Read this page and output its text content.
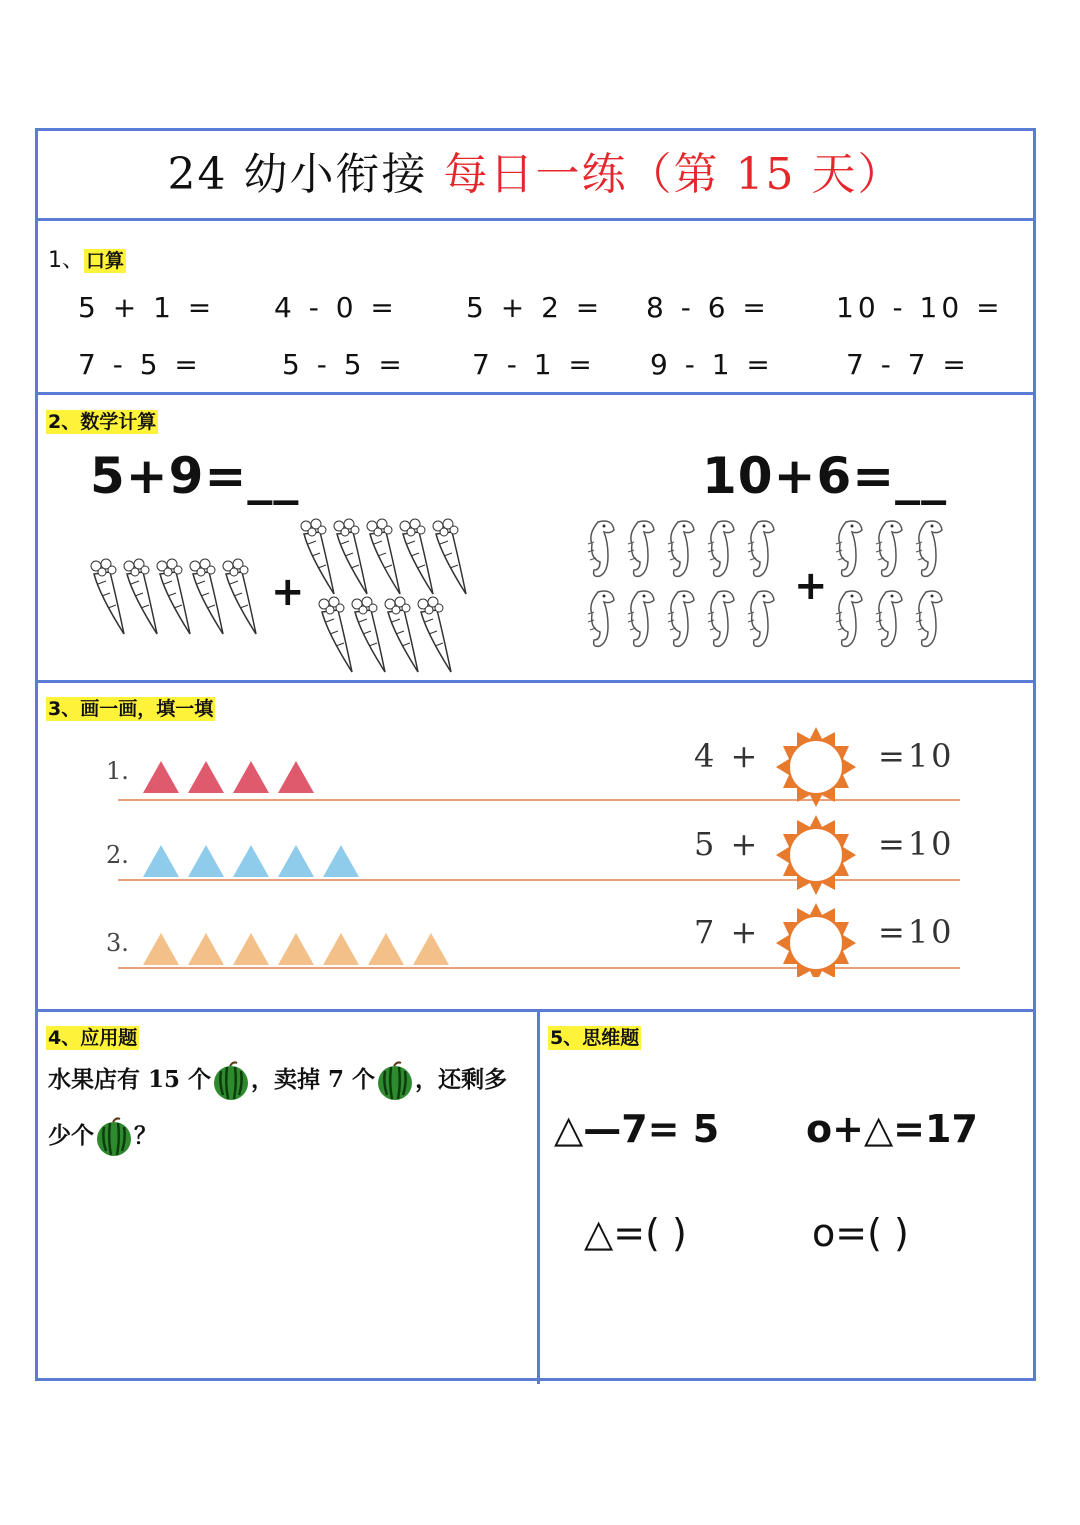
24 幼小衔接 每日一练（第 15 天）
1、 口算
5 + 1 = 4 - 0 = 5 + 2 = 8 - 6 = 10 - 10 =
7 - 5 =	5 - 5 = 7 - 1 = 9 - 1 =	7 - 7 =
2、数学计算
5+9=__	10+6=__
+	+
3、画一画，填一填
1.	4 +	=10
2.	5 +	=10
3.	7 +	=10
4、应用题
水果店有 15 个 ，卖掉 7 个 ，还剩多
少个 ？
5、思维题
△—7= 5 o+△=17
△=( )	o=( )
